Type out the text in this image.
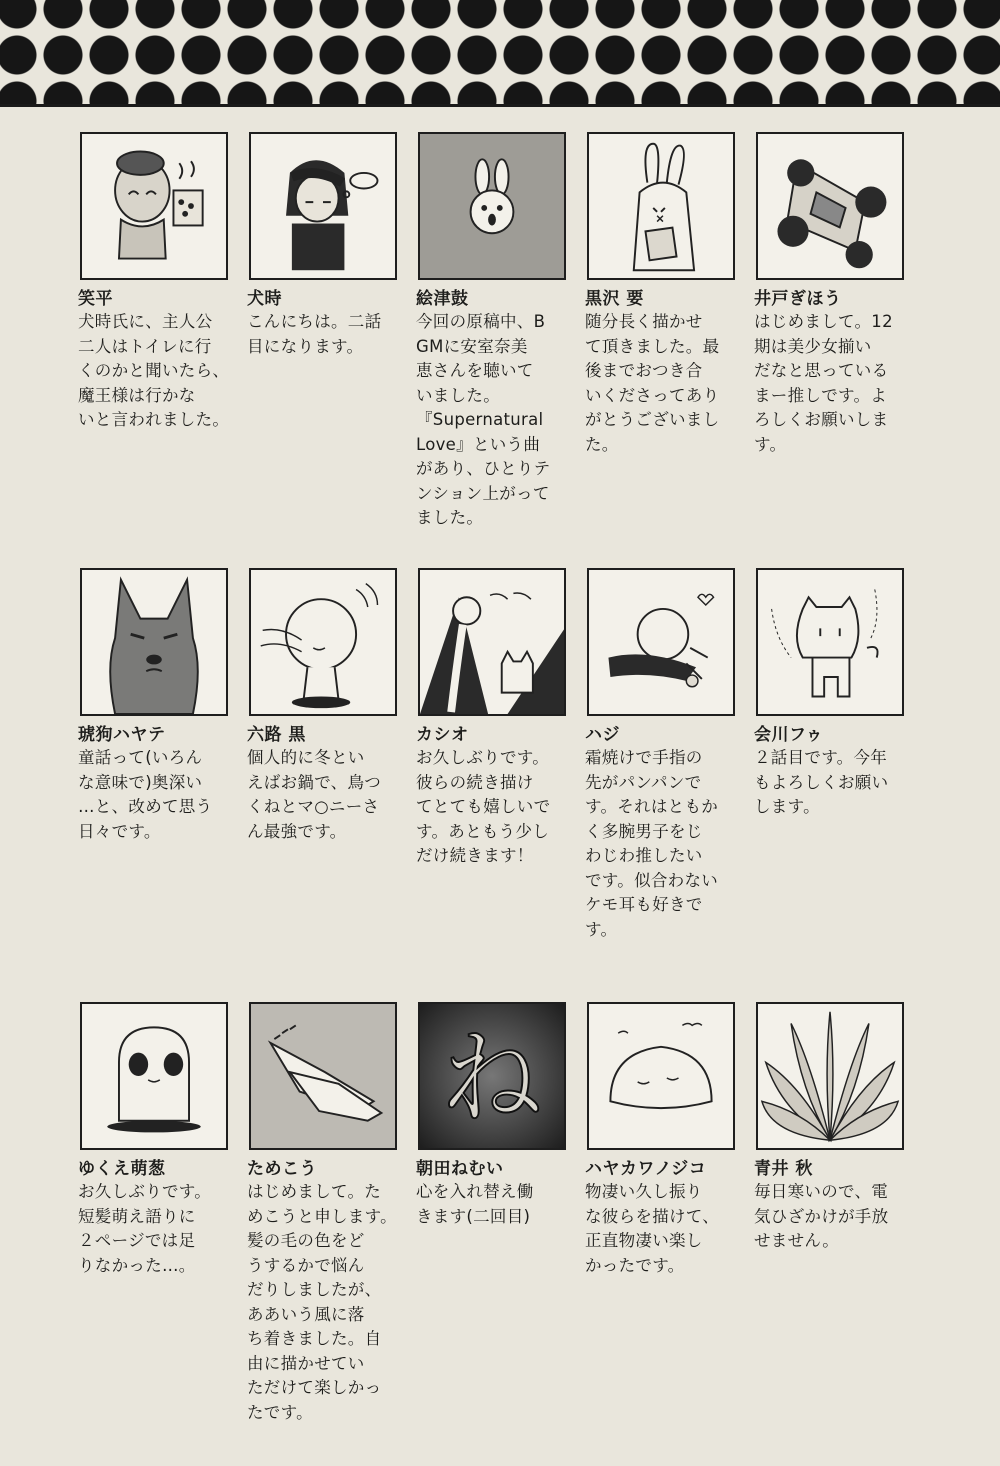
笑平
犬時氏に、主人公
二人はトイレに行
くのかと聞いたら、
魔王様は行かな
いと言われました。
犬時
こんにちは。二話
目になります。
絵津鼓
今回の原稿中、B
GMに安室奈美
恵さんを聴いて
いました。
『Supernatural
Love』という曲
があり、ひとりテ
ンション上がって
ました。
黒沢 要
随分長く描かせ
て頂きました。最
後までおつき合
いくださってあり
がとうございまし
た。
井戸ぎほう
はじめまして。12
期は美少女揃い
だなと思っている
まー推しです。よ
ろしくお願いしま
す。
琥狗ハヤテ
童話って(いろん
な意味で)奥深い
…と、改めて思う
日々です。
六路 黒
個人的に冬とい
えばお鍋で、鳥つ
くねとマ○ニーさ
ん最強です。
カシオ
お久しぶりです。
彼らの続き描け
てとても嬉しいで
す。あともう少し
だけ続きます！
ハジ
霜焼けで手指の
先がパンパンで
す。それはともか
く多腕男子をじ
わじわ推したい
です。似合わない
ケモ耳も好きで
す。
会川フゥ
２話目です。今年
もよろしくお願い
します。
ゆくえ萌葱
お久しぶりです。
短髪萌え語りに
２ページでは足
りなかった…。
ためこう
はじめまして。た
めこうと申します。
髪の毛の色をど
うするかで悩ん
だりしましたが、
ああいう風に落
ち着きました。自
由に描かせてい
ただけて楽しかっ
たです。
ね
朝田ねむい
心を入れ替え働
きます(二回目)
ハヤカワノジコ
物凄い久し振り
な彼らを描けて、
正直物凄い楽し
かったです。
青井 秋
毎日寒いので、電
気ひざかけが手放
せません。
